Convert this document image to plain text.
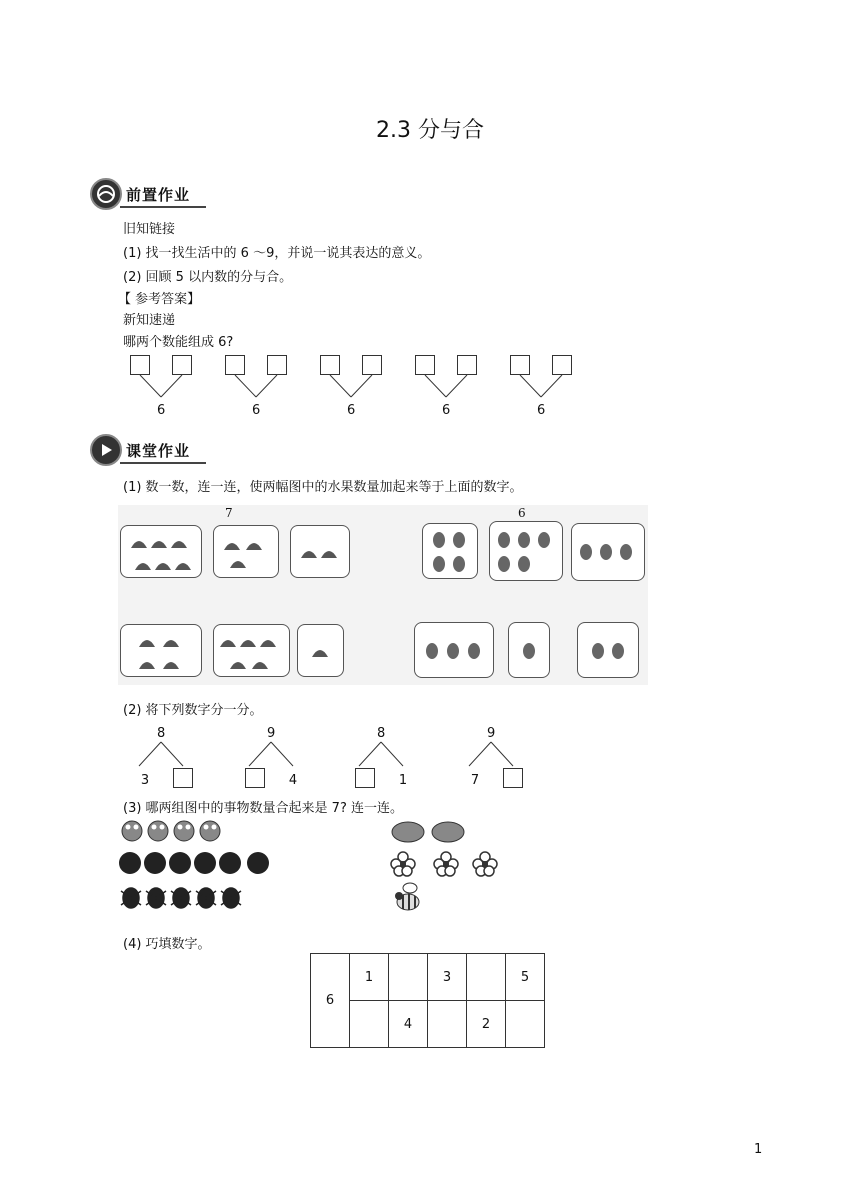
2.3 分与合
前置作业
旧知链接
(1) 找一找生活中的 6 ～9，并说一说其表达的意义。
(2) 回顾 5 以内数的分与合。
【 参考答案】
新知速递
哪两个数能组成 6?
6	6	6	6	6
课堂作业
(1) 数一数，连一连，使两幅图中的水果数量加起来等于上面的数字。
7	6
(2) 将下列数字分一分。
8
3
9
4
8
1
9
7
(3) 哪两组图中的事物数量合起来是 7? 连一连。
(4) 巧填数字。
6	1		3		5
		4		2	
1
